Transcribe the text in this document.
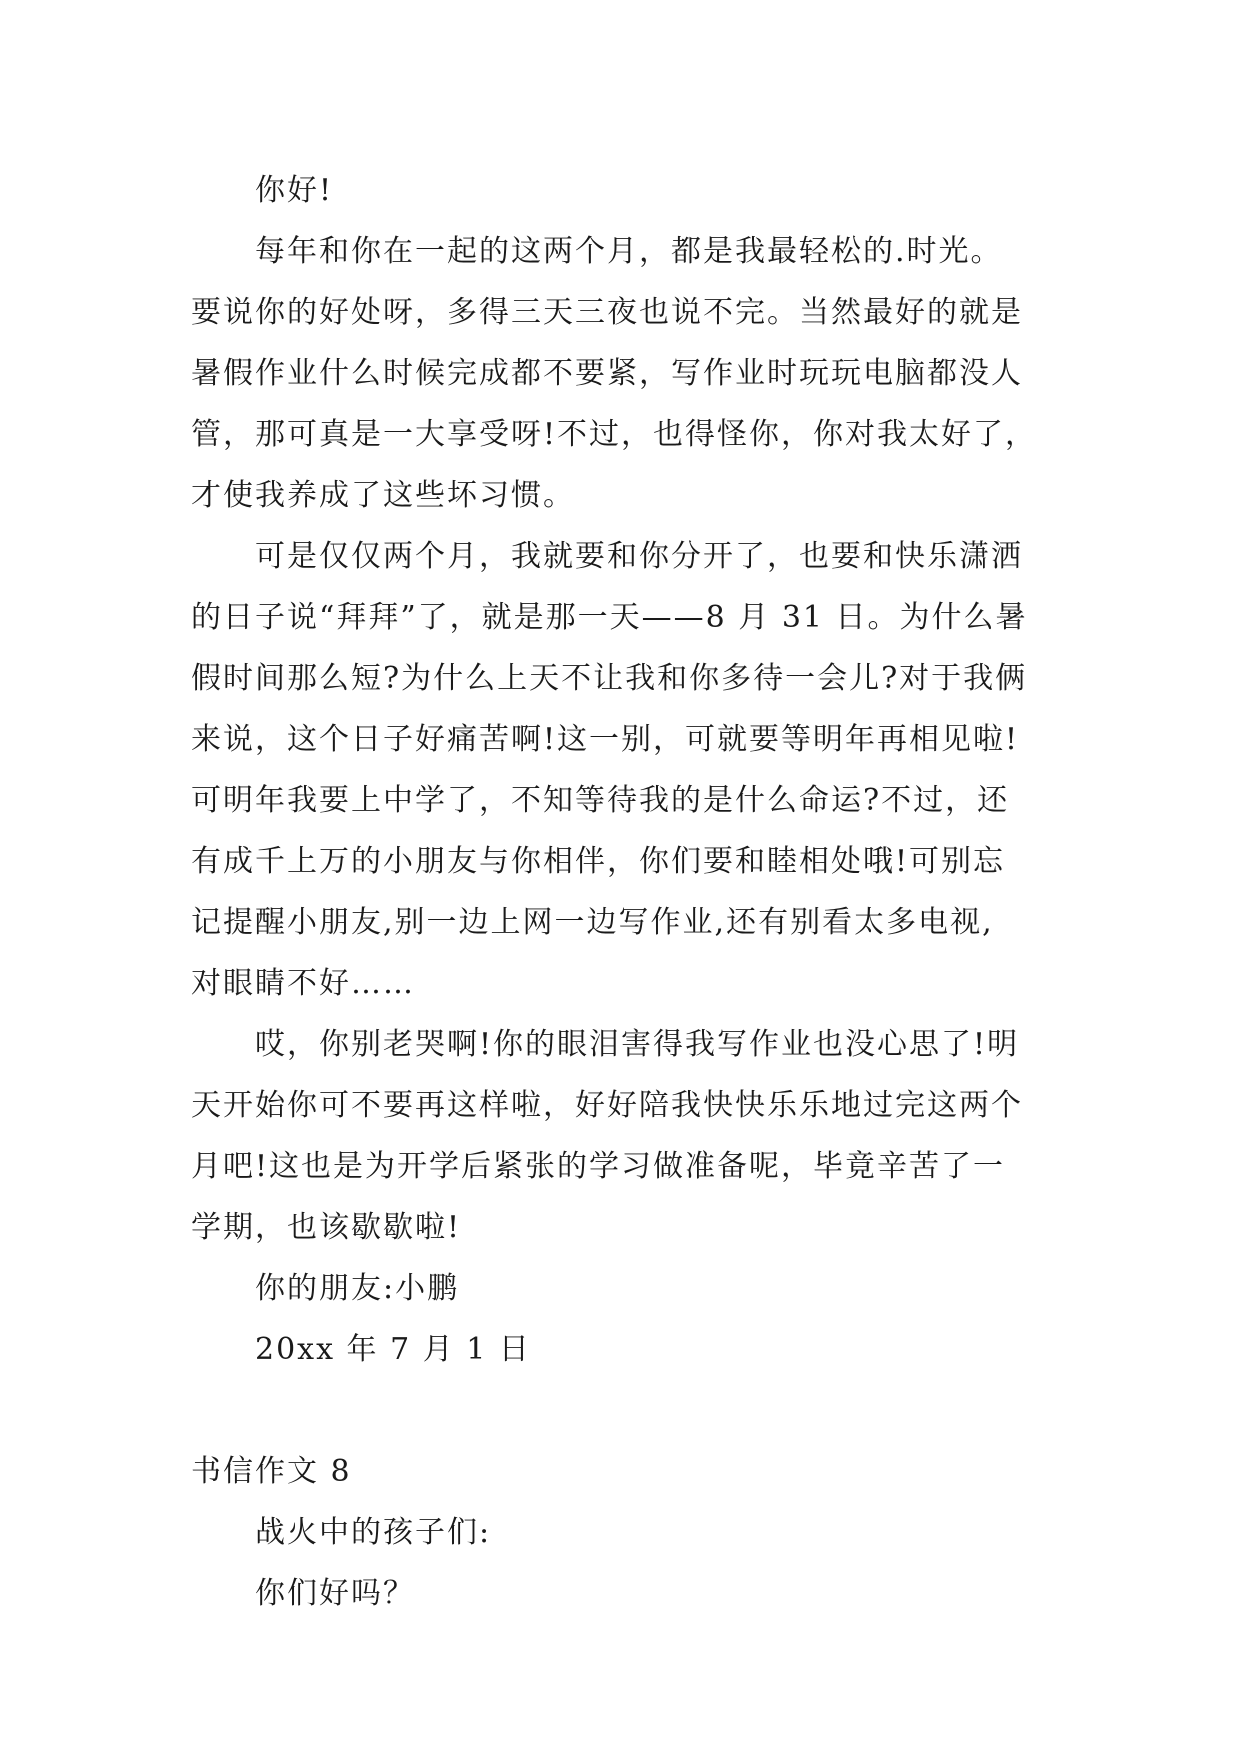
你好!
每年和你在一起的这两个月，都是我最轻松的.时光。
要说你的好处呀，多得三天三夜也说不完。当然最好的就是
暑假作业什么时候完成都不要紧，写作业时玩玩电脑都没人
管，那可真是一大享受呀!不过，也得怪你，你对我太好了，
才使我养成了这些坏习惯。
可是仅仅两个月，我就要和你分开了，也要和快乐潇洒
的日子说“拜拜”了，就是那一天——8 月 31 日。为什么暑
假时间那么短?为什么上天不让我和你多待一会儿?对于我俩
来说，这个日子好痛苦啊!这一别，可就要等明年再相见啦!
可明年我要上中学了，不知等待我的是什么命运?不过，还
有成千上万的小朋友与你相伴，你们要和睦相处哦!可别忘
记提醒小朋友,别一边上网一边写作业,还有别看太多电视,
对眼睛不好……
哎，你别老哭啊!你的眼泪害得我写作业也没心思了!明
天开始你可不要再这样啦，好好陪我快快乐乐地过完这两个
月吧!这也是为开学后紧张的学习做准备呢，毕竟辛苦了一
学期，也该歇歇啦!
你的朋友:小鹏
20xx 年 7 月 1 日
书信作文 8
战火中的孩子们:
你们好吗？
